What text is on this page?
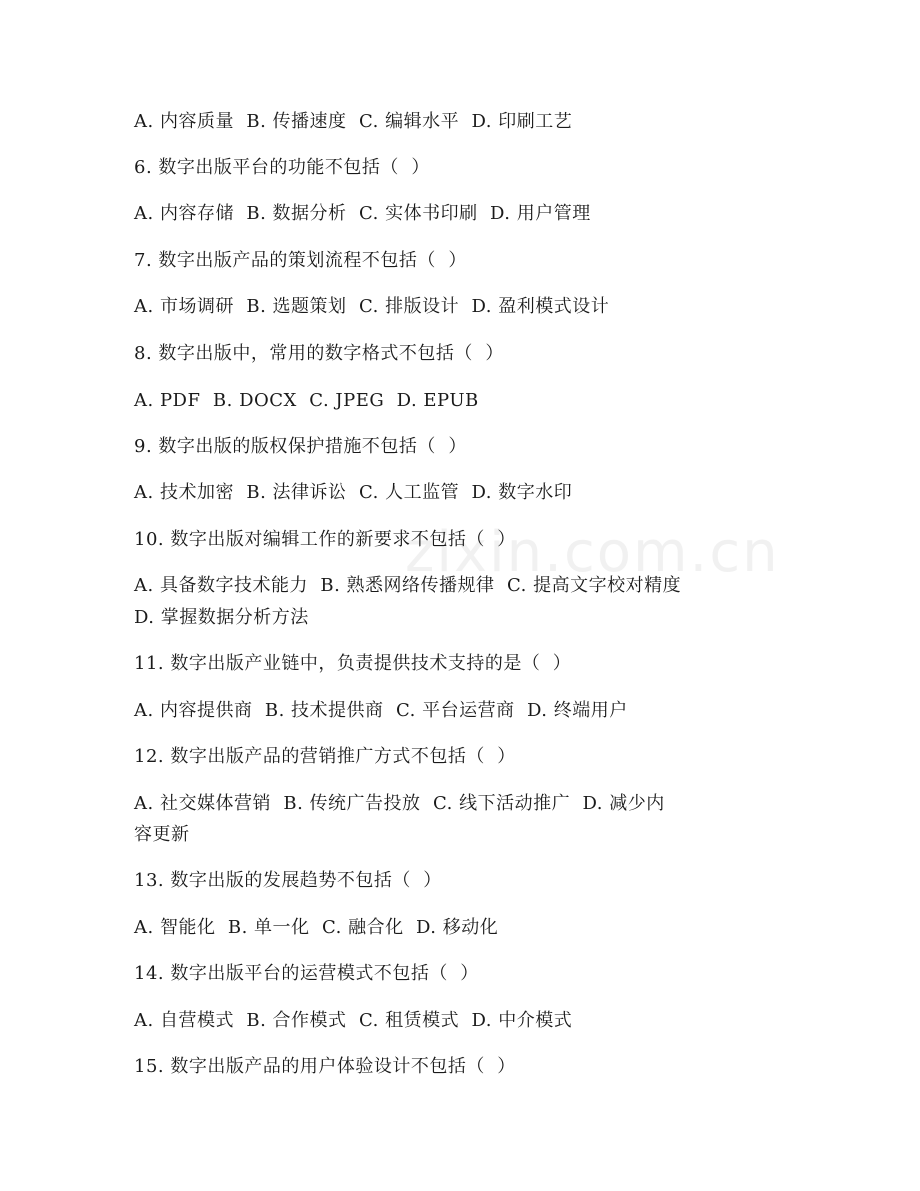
zixin.com.cn
A. 内容质量  B. 传播速度  C. 编辑水平  D. 印刷工艺
6. 数字出版平台的功能不包括（  ）
A. 内容存储  B. 数据分析  C. 实体书印刷  D. 用户管理
7. 数字出版产品的策划流程不包括（  ）
A. 市场调研  B. 选题策划  C. 排版设计  D. 盈利模式设计
8. 数字出版中，常用的数字格式不包括（  ）
A. PDF  B. DOCX  C. JPEG  D. EPUB
9. 数字出版的版权保护措施不包括（  ）
A. 技术加密  B. 法律诉讼  C. 人工监管  D. 数字水印
10. 数字出版对编辑工作的新要求不包括（  ）
A. 具备数字技术能力  B. 熟悉网络传播规律  C. 提高文字校对精度
D. 掌握数据分析方法
11. 数字出版产业链中，负责提供技术支持的是（  ）
A. 内容提供商  B. 技术提供商  C. 平台运营商  D. 终端用户
12. 数字出版产品的营销推广方式不包括（  ）
A. 社交媒体营销  B. 传统广告投放  C. 线下活动推广  D. 减少内
容更新
13. 数字出版的发展趋势不包括（  ）
A. 智能化  B. 单一化  C. 融合化  D. 移动化
14. 数字出版平台的运营模式不包括（  ）
A. 自营模式  B. 合作模式  C. 租赁模式  D. 中介模式
15. 数字出版产品的用户体验设计不包括（  ）
